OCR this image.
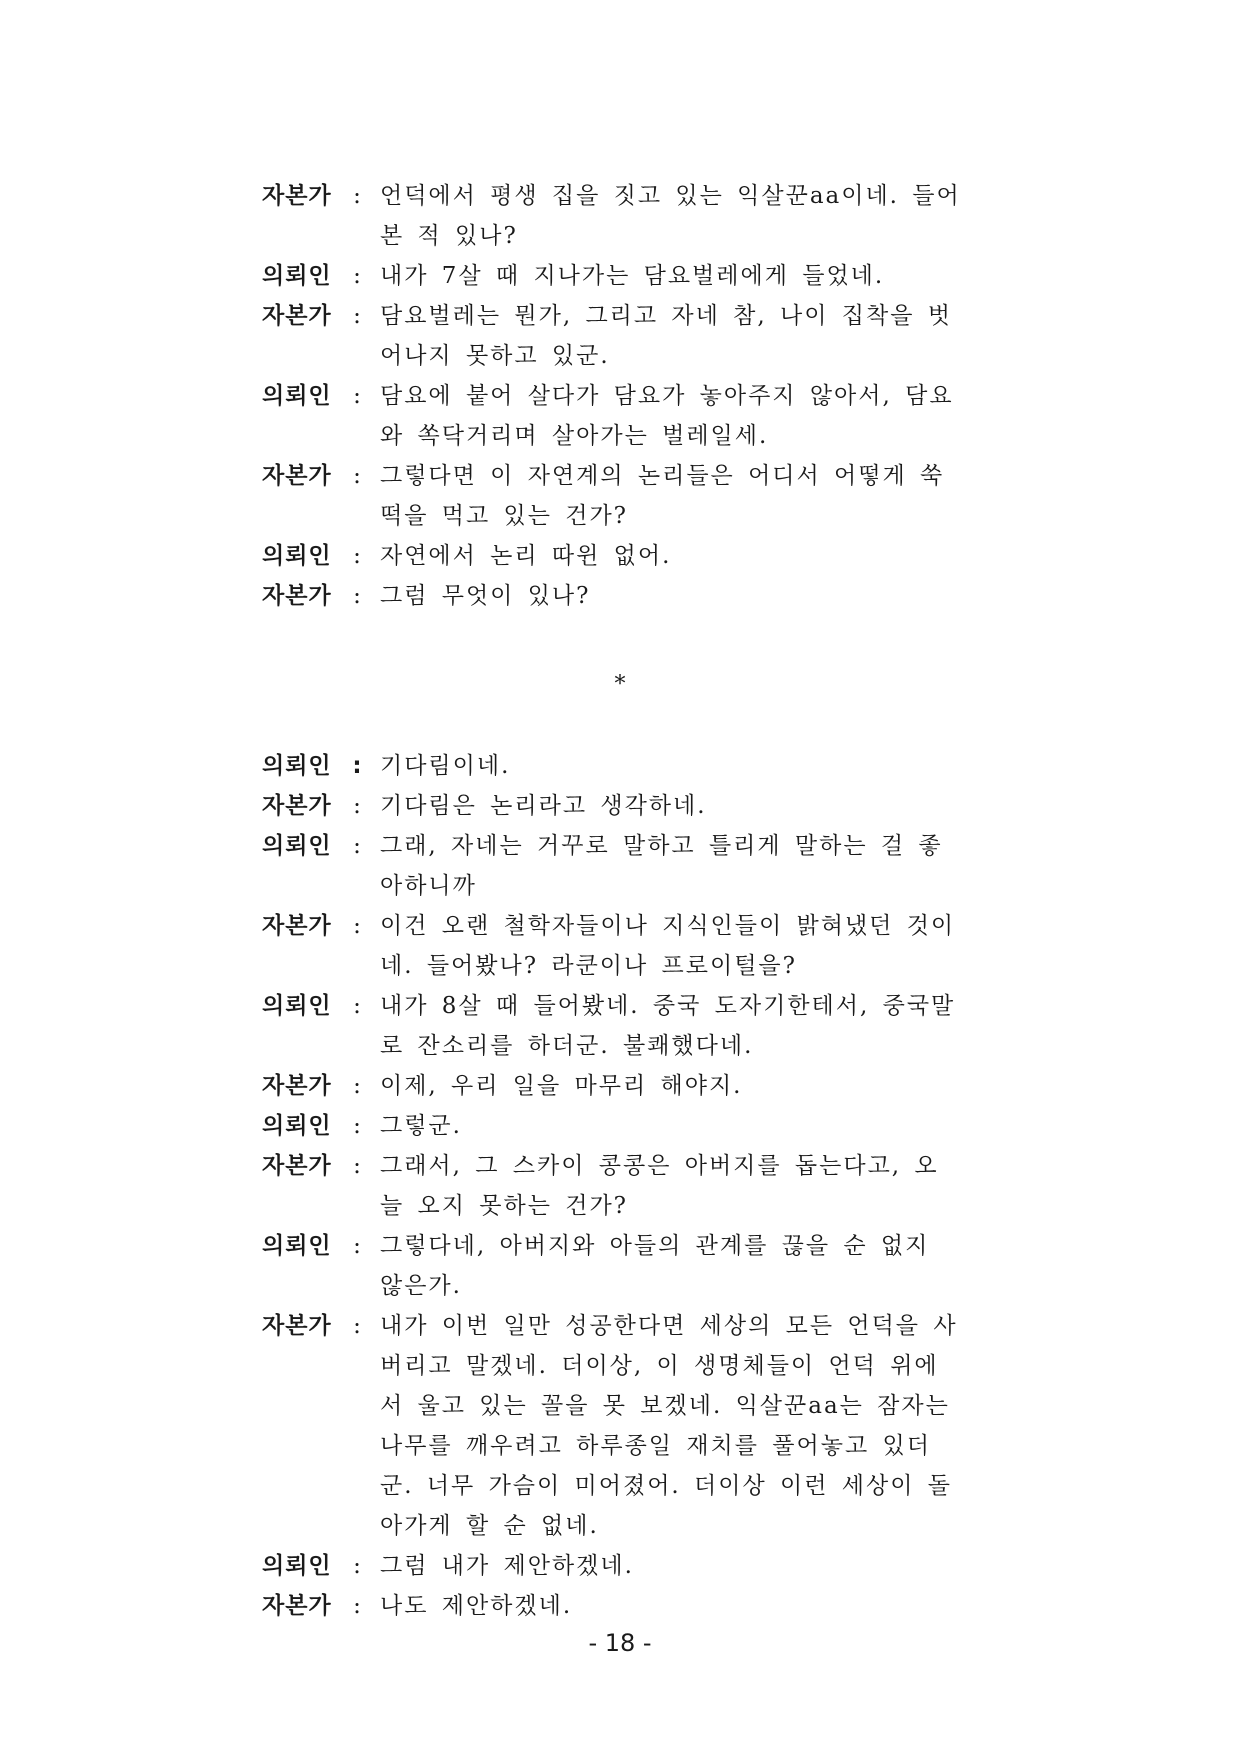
자본가 : 언덕에서 평생 집을 짓고 있는 익살꾼aa이네. 들어본 적 있나?
의뢰인 : 내가 7살 때 지나가는 담요벌레에게 들었네.
자본가 : 담요벌레는 뭔가, 그리고 자네 참, 나이 집착을 벗어나지 못하고 있군.
의뢰인 : 담요에 붙어 살다가 담요가 놓아주지 않아서, 담요와 쏙닥거리며 살아가는 벌레일세.
자본가 : 그렇다면 이 자연계의 논리들은 어디서 어떻게 쑥떡을 먹고 있는 건가?
의뢰인 : 자연에서 논리 따윈 없어.
자본가 : 그럼 무엇이 있나?
*
의뢰인 : 기다림이네.
자본가 : 기다림은 논리라고 생각하네.
의뢰인 : 그래, 자네는 거꾸로 말하고 틀리게 말하는 걸 좋아하니까
자본가 : 이건 오랜 철학자들이나 지식인들이 밝혀냈던 것이네. 들어봤나? 라쿤이나 프로이털을?
의뢰인 : 내가 8살 때 들어봤네. 중국 도자기한테서, 중국말로 잔소리를 하더군. 불쾌했다네.
자본가 : 이제, 우리 일을 마무리 해야지.
의뢰인 : 그렇군.
자본가 : 그래서, 그 스카이 콩콩은 아버지를 돕는다고, 오늘 오지 못하는 건가?
의뢰인 : 그렇다네, 아버지와 아들의 관계를 끊을 순 없지 않은가.
자본가 : 내가 이번 일만 성공한다면 세상의 모든 언덕을 사버리고 말겠네. 더이상, 이 생명체들이 언덕 위에서 울고 있는 꼴을 못 보겠네. 익살꾼aa는 잠자는 나무를 깨우려고 하루종일 재치를 풀어놓고 있더군. 너무 가슴이 미어졌어. 더이상 이런 세상이 돌아가게 할 순 없네.
의뢰인 : 그럼 내가 제안하겠네.
자본가 : 나도 제안하겠네.
- 18 -
